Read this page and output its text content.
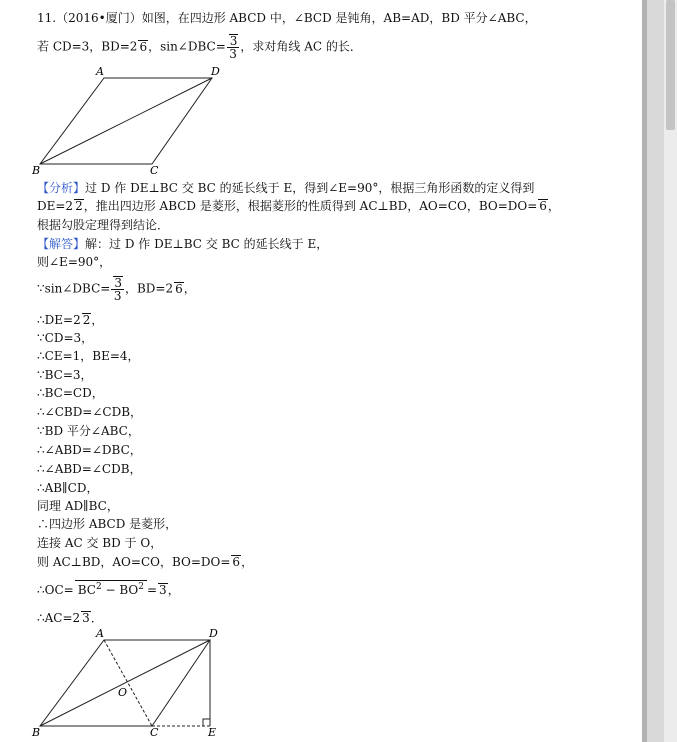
11.（2016•厦门）如图，在四边形 ABCD 中，∠BCD 是钝角，AB=AD，BD 平分∠ABC，
若 CD=3，BD=2 6，sin∠DBC= $\frac{3}{3}$ ，求对角线 AC 的长．
A	D
B	C
【分析】过 D 作 DE⊥BC 交 BC 的延长线于 E，得到∠E=90°，根据三角形函数的定义得到
DE=2 2，推出四边形 ABCD 是菱形，根据菱形的性质得到 AC⊥BD，AO=CO，BO=DO= 6，
根据勾股定理得到结论．
【解答】解：过 D 作 DE⊥BC 交 BC 的延长线于 E，
则∠E=90°，
∵sin∠DBC= $\frac{3}{3}$ ，BD=2 6，
∴DE=2 2，
∵CD=3，
∴CE=1，BE=4，
∵BC=3，
∴BC=CD，
∴∠CBD=∠CDB，
∵BD 平分∠ABC，
∴∠ABD=∠DBC，
∴∠ABD=∠CDB，
∴AB∥CD，
同理 AD∥BC，
∴四边形 ABCD 是菱形，
连接 AC 交 BD 于 O，
则 AC⊥BD，AO=CO，BO=DO= 6，
∴OC= $BC^2 - BO^2 = 3$，
∴AC=2 3．
A	D
O
B	C	E
